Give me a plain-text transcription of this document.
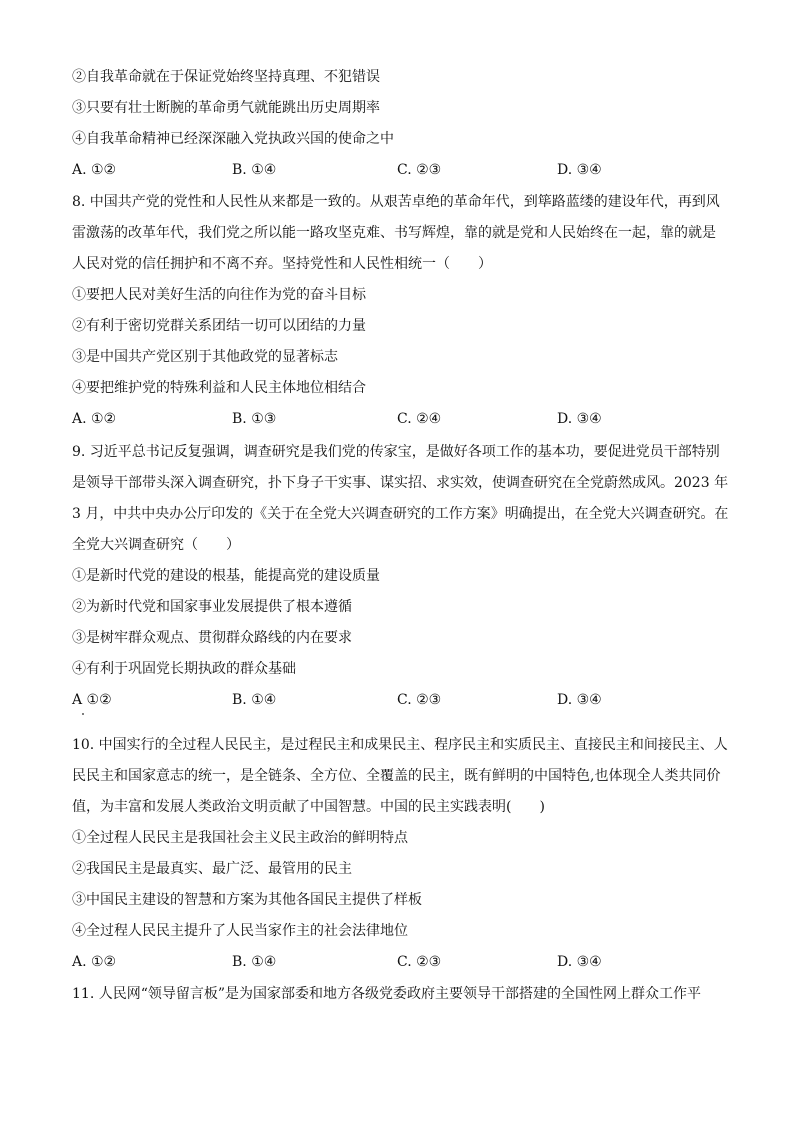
②自我革命就在于保证党始终坚持真理、不犯错误
③只要有壮士断腕的革命勇气就能跳出历史周期率
④自我革命精神已经深深融入党执政兴国的使命之中
A. ①②	B. ①④	C. ②③	D. ③④
8. 中国共产党的党性和人民性从来都是一致的。从艰苦卓绝的革命年代，到筚路蓝缕的建设年代，再到风
雷激荡的改革年代，我们党之所以能一路攻坚克难、书写辉煌，靠的就是党和人民始终在一起，靠的就是
人民对党的信任拥护和不离不弃。坚持党性和人民性相统一（　　）
①要把人民对美好生活的向往作为党的奋斗目标
②有利于密切党群关系团结一切可以团结的力量
③是中国共产党区别于其他政党的显著标志
④要把维护党的特殊利益和人民主体地位相结合
A. ①②	B. ①③	C. ②④	D. ③④
9. 习近平总书记反复强调，调查研究是我们党的传家宝，是做好各项工作的基本功，要促进党员干部特别
是领导干部带头深入调查研究，扑下身子干实事、谋实招、求实效，使调查研究在全党蔚然成风。2023 年
3 月，中共中央办公厅印发的《关于在全党大兴调查研究的工作方案》明确提出，在全党大兴调查研究。在
全党大兴调查研究（　　）
①是新时代党的建设的根基，能提高党的建设质量
②为新时代党和国家事业发展提供了根本遵循
③是树牢群众观点、贯彻群众路线的内在要求
④有利于巩固党长期执政的群众基础
A ①②	B. ①④	C. ②③	D. ③④
10. 中国实行的全过程人民民主，是过程民主和成果民主、程序民主和实质民主、直接民主和间接民主、人
民民主和国家意志的统一，是全链条、全方位、全覆盖的民主，既有鲜明的中国特色,也体现全人类共同价
值，为丰富和发展人类政治文明贡献了中国智慧。中国的民主实践表明(　　)
①全过程人民民主是我国社会主义民主政治的鲜明特点
②我国民主是最真实、最广泛、最管用的民主
③中国民主建设的智慧和方案为其他各国民主提供了样板
④全过程人民民主提升了人民当家作主的社会法律地位
A. ①②	B. ①④	C. ②③	D. ③④
11. 人民网“领导留言板”是为国家部委和地方各级党委政府主要领导干部搭建的全国性网上群众工作平
